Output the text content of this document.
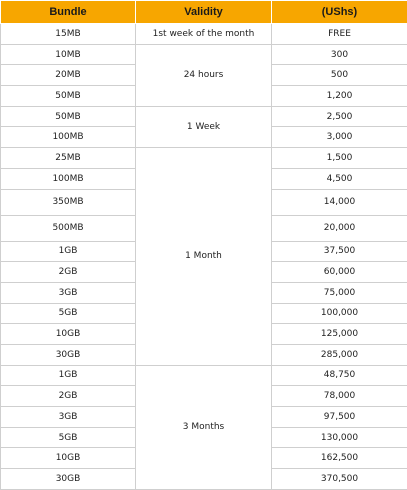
Bundle	Validity	(UShs)
15MB	1st week of the month	FREE
10MB	24 hours	300
20MB		500
50MB		1,200
50MB	1 Week	2,500
100MB		3,000
25MB	1 Month	1,500
100MB		4,500
350MB		14,000
500MB		20,000
1GB		37,500
2GB		60,000
3GB		75,000
5GB		100,000
10GB		125,000
30GB		285,000
1GB	3 Months	48,750
2GB		78,000
3GB		97,500
5GB		130,000
10GB		162,500
30GB		370,500
